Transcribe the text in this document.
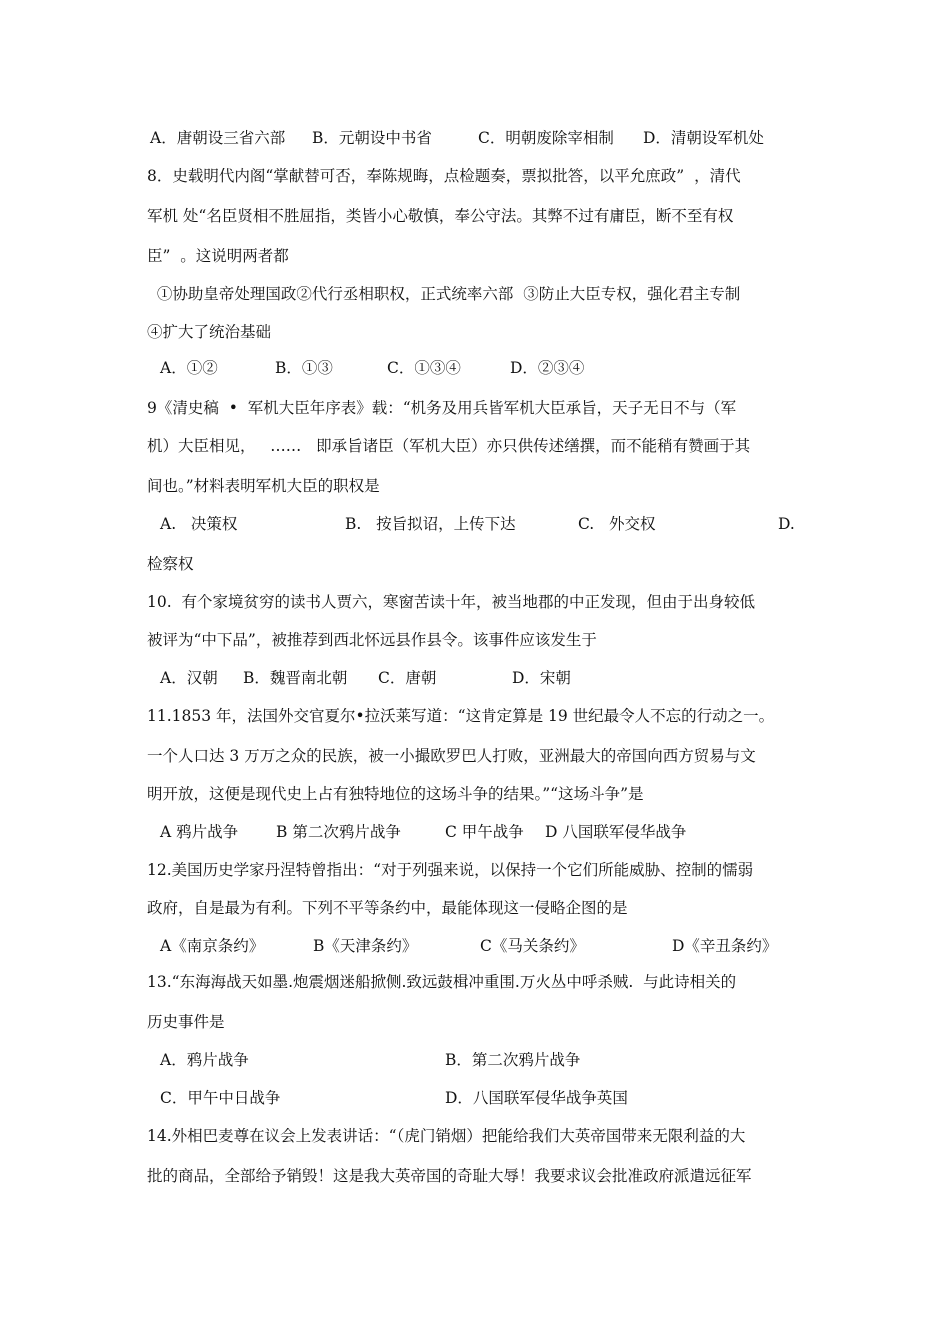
A．唐朝设三省六部 B．元朝设中书省	C．明朝废除宰相制 D．清朝设军机处

8．史载明代内阁“掌献替可否，奉陈规晦，点检题奏，票拟批答，以平允庶政”  ，清代

军机 处“名臣贤相不胜屈指，类皆小心敬慎，奉公守法。其弊不过有庸臣，断不至有权

臣”  。这说明两者都

①协助皇帝处理国政②代行丞相职权，正式统率六部  ③防止大臣专权，强化君主专制

④扩大了统治基础

A．①②	B．①③	C．①③④	D．②③④

9《清史稿  •  军机大臣年序表》载：“机务及用兵皆军机大臣承旨，天子无日不与（军

机）大臣相见，   ……   即承旨诸臣（军机大臣）亦只供传述缮撰，而不能稍有赞画于其

间也。”材料表明军机大臣的职权是

A.   决策权	B.   按旨拟诏，上传下达	C.   外交权	D.

检察权

10.  有个家境贫穷的读书人贾六，寒窗苦读十年，被当地郡的中正发现，但由于出身较低

被评为“中下品”，被推荐到西北怀远县作县令。该事件应该发生于

A．汉朝 B．魏晋南北朝 C．唐朝	D．宋朝

11.1853 年，法国外交官夏尔•拉沃莱写道：“这肯定算是 19 世纪最令人不忘的行动之一。

一个人口达 3 万万之众的民族，被一小撮欧罗巴人打败，亚洲最大的帝国向西方贸易与文

明开放，这便是现代史上占有独特地位的这场斗争的结果。”“这场斗争”是

A 鸦片战争 B 第二次鸦片战争	C 甲午战争 D 八国联军侵华战争

12.美国历史学家丹涅特曾指出：“对于列强来说，以保持一个它们所能威胁、控制的懦弱

政府，自是最为有利。下列不平等条约中，最能体现这一侵略企图的是

A《南京条约》	B《天津条约》	C《马关条约》	D《辛丑条约》

13.“东海海战天如墨.炮震烟迷船掀侧.致远鼓楫冲重围.万火丛中呼杀贼.  与此诗相关的

历史事件是

A．鸦片战争	B．第二次鸦片战争

C．甲午中日战争	D．八国联军侵华战争英国

14.外相巴麦尊在议会上发表讲话：“（虎门销烟）把能给我们大英帝国带来无限利益的大

批的商品，全部给予销毁！这是我大英帝国的奇耻大辱！我要求议会批准政府派遣远征军
